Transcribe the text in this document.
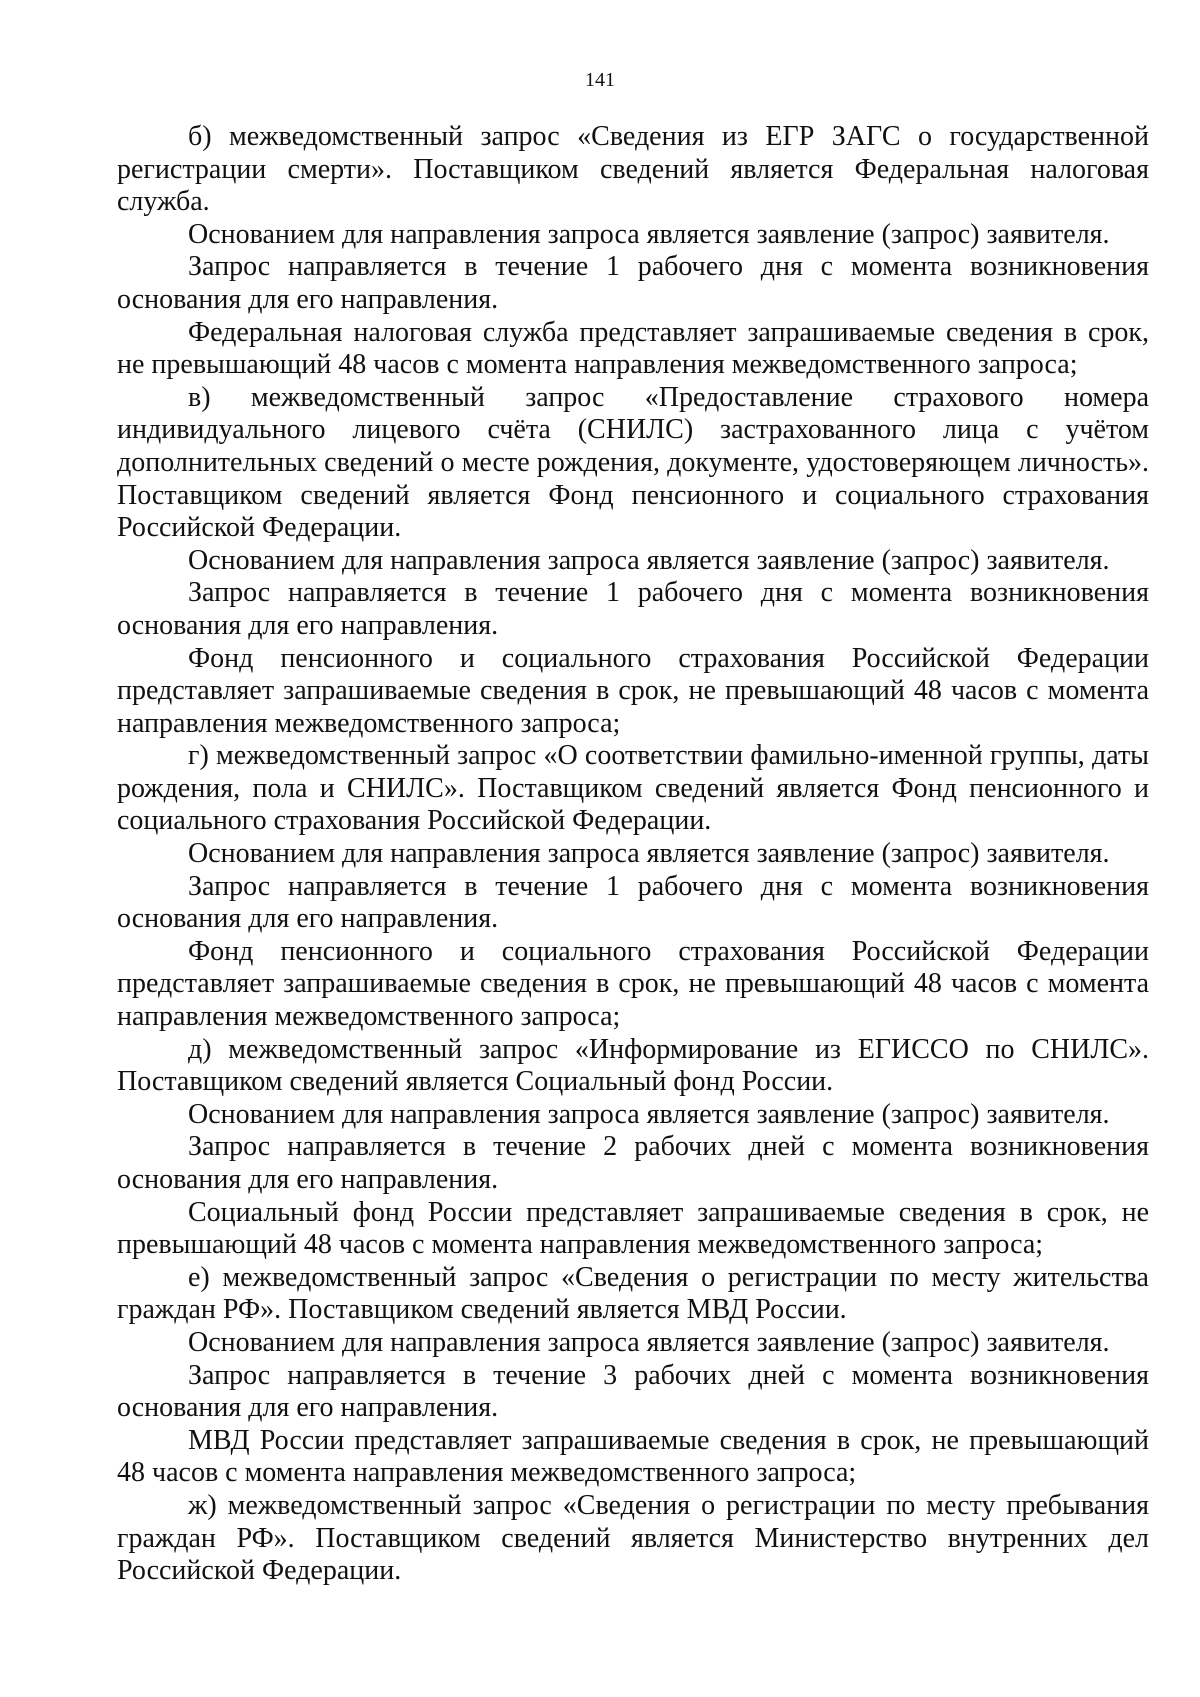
141

б) межведомственный запрос «Сведения из ЕГР ЗАГС о государственной регистрации смерти». Поставщиком сведений является Федеральная налоговая служба.

Основанием для направления запроса является заявление (запрос) заявителя.

Запрос направляется в течение 1 рабочего дня с момента возникновения основания для его направления.

Федеральная налоговая служба представляет запрашиваемые сведения в срок, не превышающий 48 часов с момента направления межведомственного запроса;

в) межведомственный запрос «Предоставление страхового номера индивидуального лицевого счёта (СНИЛС) застрахованного лица с учётом дополнительных сведений о месте рождения, документе, удостоверяющем личность». Поставщиком сведений является Фонд пенсионного и социального страхования Российской Федерации.

Основанием для направления запроса является заявление (запрос) заявителя.

Запрос направляется в течение 1 рабочего дня с момента возникновения основания для его направления.

Фонд пенсионного и социального страхования Российской Федерации представляет запрашиваемые сведения в срок, не превышающий 48 часов с момента направления межведомственного запроса;

г) межведомственный запрос «О соответствии фамильно-именной группы, даты рождения, пола и СНИЛС». Поставщиком сведений является Фонд пенсионного и социального страхования Российской Федерации.

Основанием для направления запроса является заявление (запрос) заявителя.

Запрос направляется в течение 1 рабочего дня с момента возникновения основания для его направления.

Фонд пенсионного и социального страхования Российской Федерации представляет запрашиваемые сведения в срок, не превышающий 48 часов с момента направления межведомственного запроса;

д) межведомственный запрос «Информирование из ЕГИССО по СНИЛС». Поставщиком сведений является Социальный фонд России.

Основанием для направления запроса является заявление (запрос) заявителя.

Запрос направляется в течение 2 рабочих дней с момента возникновения основания для его направления.

Социальный фонд России представляет запрашиваемые сведения в срок, не превышающий 48 часов с момента направления межведомственного запроса;

е) межведомственный запрос «Сведения о регистрации по месту жительства граждан РФ». Поставщиком сведений является МВД России.

Основанием для направления запроса является заявление (запрос) заявителя.

Запрос направляется в течение 3 рабочих дней с момента возникновения основания для его направления.

МВД России представляет запрашиваемые сведения в срок, не превышающий 48 часов с момента направления межведомственного запроса;

ж) межведомственный запрос «Сведения о регистрации по месту пребывания граждан РФ». Поставщиком сведений является Министерство внутренних дел Российской Федерации.
